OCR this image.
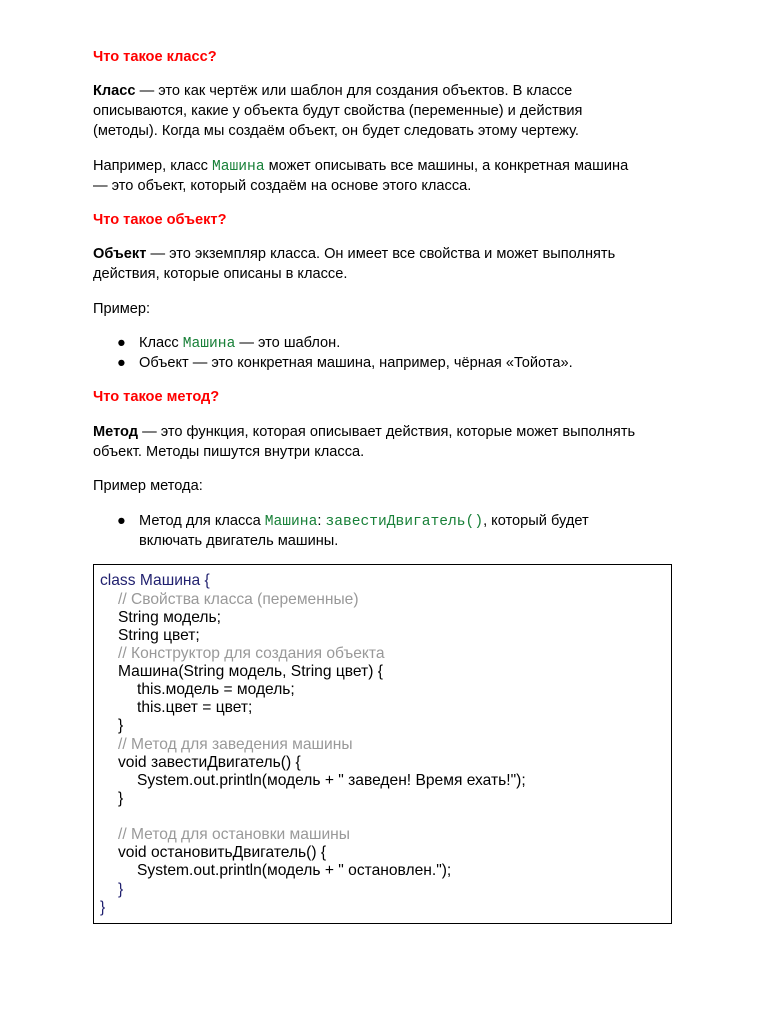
Что такое класс?

Класс — это как чертёж или шаблон для создания объектов. В классе

описываются, какие у объекта будут свойства (переменные) и действия

(методы). Когда мы создаём объект, он будет следовать этому чертежу.

Например, класс Машина может описывать все машины, а конкретная машина

— это объект, который создаём на основе этого класса.

Что такое объект?

Объект — это экземпляр класса. Он имеет все свойства и может выполнять

действия, которые описаны в классе.

Пример:

● Класс Машина — это шаблон.
● Объект — это конкретная машина, например, чёрная «Тойота».

Что такое метод?

Метод — это функция, которая описывает действия, которые может выполнять

объект. Методы пишутся внутри класса.

Пример метода:

● Метод для класса Машина: завестиДвигатель(), который будет
включать двигатель машины.
class Машина {
// Свойства класса (переменные)
String модель;
String цвет;
// Конструктор для создания объекта
Машина(String модель, String цвет) {
this.модель = модель;
this.цвет = цвет;
}
// Метод для заведения машины
void завестиДвигатель() {
System.out.println(модель + " заведен! Время ехать!");
}
// Метод для остановки машины
void остановитьДвигатель() {
System.out.println(модель + " остановлен.");
}
}
